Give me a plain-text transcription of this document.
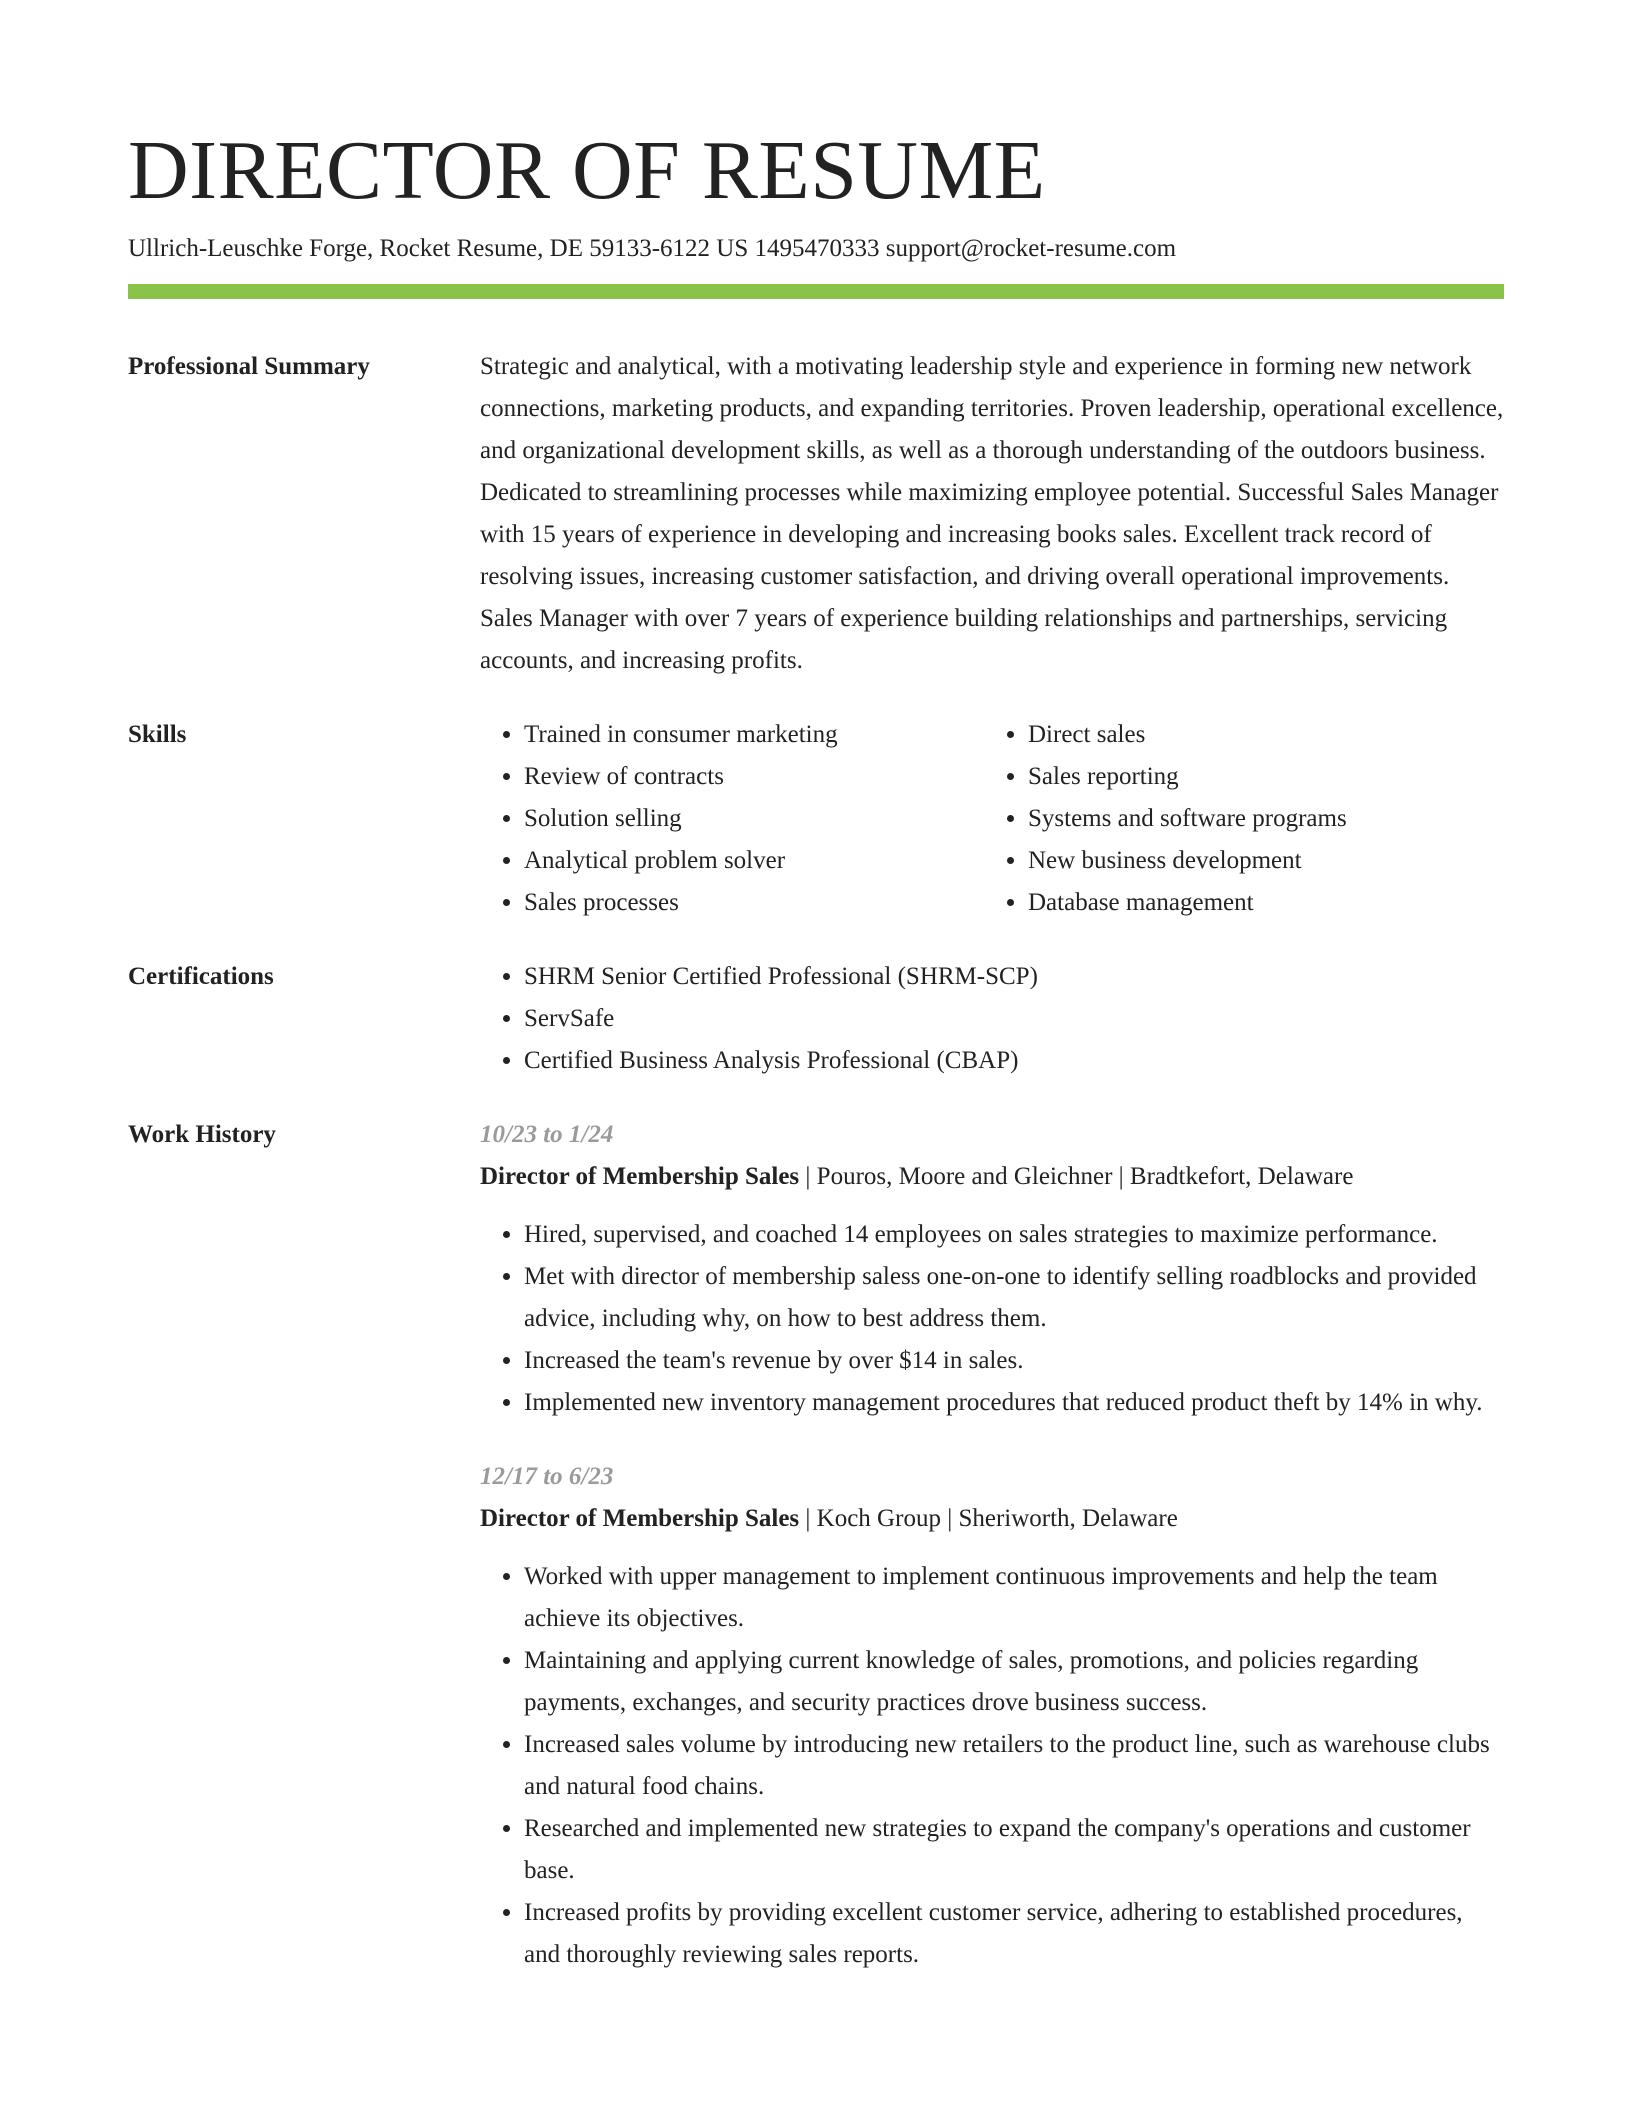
DIRECTOR OF RESUME
Ullrich-Leuschke Forge, Rocket Resume, DE 59133-6122 US 1495470333 support@rocket-resume.com
Professional Summary	Strategic and analytical, with a motivating leadership style and experience in forming new network connections, marketing products, and expanding territories. Proven leadership, operational excellence, and organizational development skills, as well as a thorough understanding of the outdoors business. Dedicated to streamlining processes while maximizing employee potential. Successful Sales Manager with 15 years of experience in developing and increasing books sales. Excellent track record of resolving issues, increasing customer satisfaction, and driving overall operational improvements. Sales Manager with over 7 years of experience building relationships and partnerships, servicing accounts, and increasing profits.

Skills	• Trained in consumer marketing
• Review of contracts
• Solution selling
• Analytical problem solver
• Sales processes
• Direct sales
• Sales reporting
• Systems and software programs
• New business development
• Database management
Certifications	• SHRM Senior Certified Professional (SHRM-SCP)
• ServSafe
• Certified Business Analysis Professional (CBAP)
Work History	10/23 to 1/24
Director of Membership Sales | Pouros, Moore and Gleichner | Bradtkefort, Delaware
• Hired, supervised, and coached 14 employees on sales strategies to maximize performance.
• Met with director of membership saless one-on-one to identify selling roadblocks and provided advice, including why, on how to best address them.
• Increased the team's revenue by over $14 in sales.
• Implemented new inventory management procedures that reduced product theft by 14% in why.
12/17 to 6/23
Director of Membership Sales | Koch Group | Sheriworth, Delaware
• Worked with upper management to implement continuous improvements and help the team achieve its objectives.
• Maintaining and applying current knowledge of sales, promotions, and policies regarding payments, exchanges, and security practices drove business success.
• Increased sales volume by introducing new retailers to the product line, such as warehouse clubs and natural food chains.
• Researched and implemented new strategies to expand the company's operations and customer base.
• Increased profits by providing excellent customer service, adhering to established procedures, and thoroughly reviewing sales reports.
